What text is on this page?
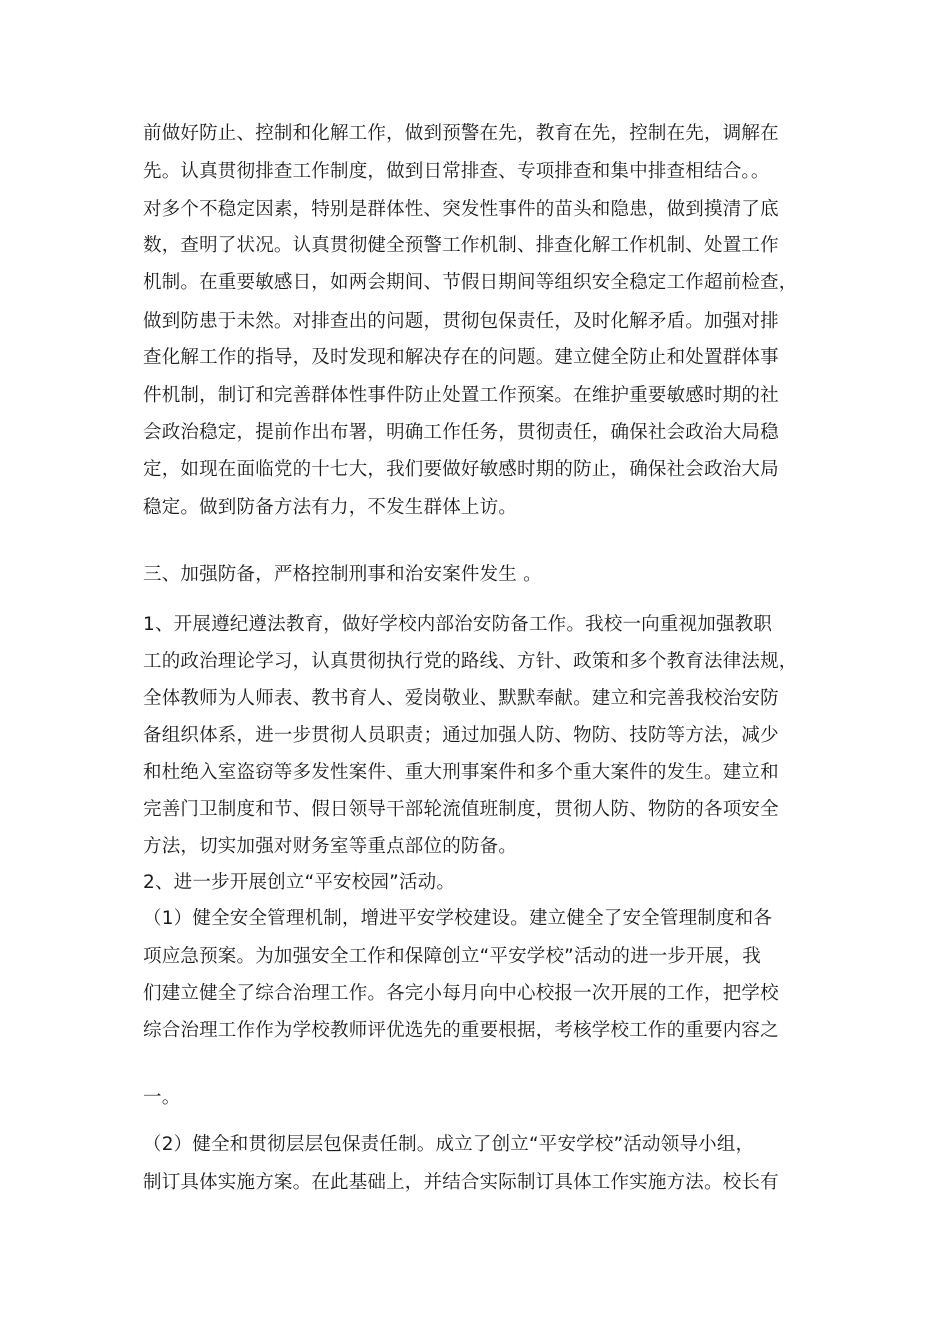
前做好防止、控制和化解工作，做到预警在先，教育在先，控制在先，调解在
先。认真贯彻排查工作制度，做到日常排查、专项排查和集中排查相结合。。
对多个不稳定因素，特别是群体性、突发性事件的苗头和隐患，做到摸清了底
数，查明了状况。认真贯彻健全预警工作机制、排查化解工作机制、处置工作
机制。在重要敏感日，如两会期间、节假日期间等组织安全稳定工作超前检查，
做到防患于未然。对排查出的问题，贯彻包保责任，及时化解矛盾。加强对排
查化解工作的指导，及时发现和解决存在的问题。建立健全防止和处置群体事
件机制，制订和完善群体性事件防止处置工作预案。在维护重要敏感时期的社
会政治稳定，提前作出布署，明确工作任务，贯彻责任，确保社会政治大局稳
定，如现在面临党的十七大，我们要做好敏感时期的防止，确保社会政治大局
稳定。做到防备方法有力，不发生群体上访。
三、加强防备，严格控制刑事和治安案件发生 。
1、开展遵纪遵法教育，做好学校内部治安防备工作。我校一向重视加强教职
工的政治理论学习，认真贯彻执行党的路线、方针、政策和多个教育法律法规，
全体教师为人师表、教书育人、爱岗敬业、默默奉献。建立和完善我校治安防
备组织体系，进一步贯彻人员职责；通过加强人防、物防、技防等方法，减少
和杜绝入室盗窃等多发性案件、重大刑事案件和多个重大案件的发生。建立和
完善门卫制度和节、假日领导干部轮流值班制度，贯彻人防、物防的各项安全
方法，切实加强对财务室等重点部位的防备。
2、进一步开展创立“平安校园”活动。
（1）健全安全管理机制，增进平安学校建设。建立健全了安全管理制度和各
项应急预案。为加强安全工作和保障创立“平安学校”活动的进一步开展，我
们建立健全了综合治理工作。各完小每月向中心校报一次开展的工作，把学校
综合治理工作作为学校教师评优选先的重要根据，考核学校工作的重要内容之
一。
（2）健全和贯彻层层包保责任制。成立了创立“平安学校”活动领导小组，
制订具体实施方案。在此基础上，并结合实际制订具体工作实施方法。校长有
